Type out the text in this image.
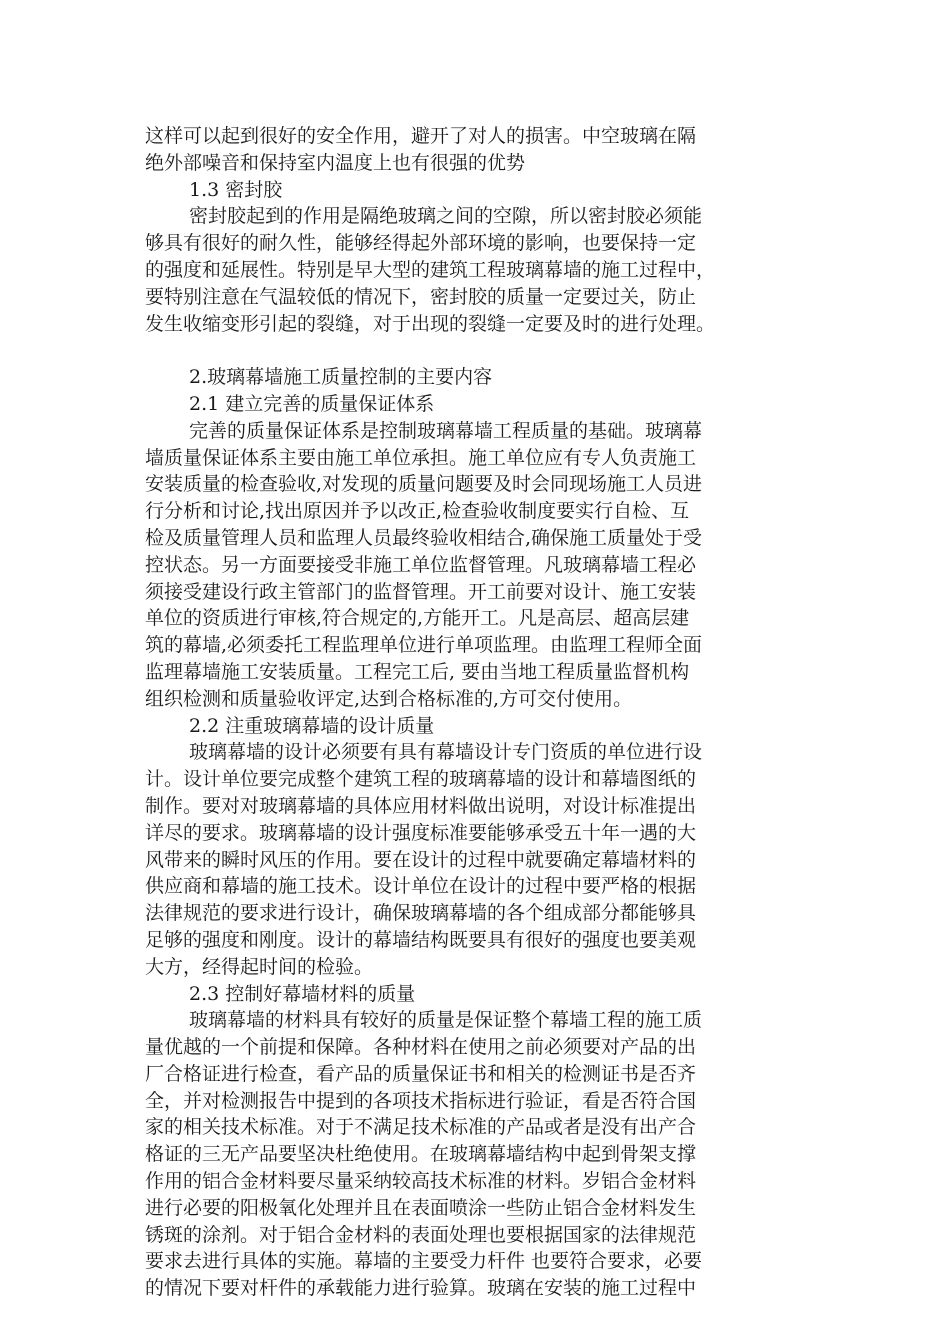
这样可以起到很好的安全作用，避开了对人的损害。中空玻璃在隔
绝外部噪音和保持室内温度上也有很强的优势
1.3 密封胶
密封胶起到的作用是隔绝玻璃之间的空隙，所以密封胶必须能
够具有很好的耐久性，能够经得起外部环境的影响，也要保持一定
的强度和延展性。特别是早大型的建筑工程玻璃幕墙的施工过程中，
要特别注意在气温较低的情况下，密封胶的质量一定要过关，防止
发生收缩变形引起的裂缝，对于出现的裂缝一定要及时的进行处理。
2.玻璃幕墙施工质量控制的主要内容
2.1 建立完善的质量保证体系
完善的质量保证体系是控制玻璃幕墙工程质量的基础。玻璃幕
墙质量保证体系主要由施工单位承担。施工单位应有专人负责施工
安装质量的检查验收,对发现的质量问题要及时会同现场施工人员进
行分析和讨论,找出原因并予以改正,检查验收制度要实行自检、互
检及质量管理人员和监理人员最终验收相结合,确保施工质量处于受
控状态。另一方面要接受非施工单位监督管理。凡玻璃幕墙工程必
须接受建设行政主管部门的监督管理。开工前要对设计、施工安装
单位的资质进行审核,符合规定的,方能开工。凡是高层、超高层建
筑的幕墙,必须委托工程监理单位进行单项监理。由监理工程师全面
监理幕墙施工安装质量。工程完工后, 要由当地工程质量监督机构
组织检测和质量验收评定,达到合格标准的,方可交付使用。
2.2 注重玻璃幕墙的设计质量
玻璃幕墙的设计必须要有具有幕墙设计专门资质的单位进行设
计。设计单位要完成整个建筑工程的玻璃幕墙的设计和幕墙图纸的
制作。要对对玻璃幕墙的具体应用材料做出说明，对设计标准提出
详尽的要求。玻璃幕墙的设计强度标准要能够承受五十年一遇的大
风带来的瞬时风压的作用。要在设计的过程中就要确定幕墙材料的
供应商和幕墙的施工技术。设计单位在设计的过程中要严格的根据
法律规范的要求进行设计，确保玻璃幕墙的各个组成部分都能够具
足够的强度和刚度。设计的幕墙结构既要具有很好的强度也要美观
大方，经得起时间的检验。
2.3 控制好幕墙材料的质量
玻璃幕墙的材料具有较好的质量是保证整个幕墙工程的施工质
量优越的一个前提和保障。各种材料在使用之前必须要对产品的出
厂合格证进行检查，看产品的质量保证书和相关的检测证书是否齐
全，并对检测报告中提到的各项技术指标进行验证，看是否符合国
家的相关技术标准。对于不满足技术标准的产品或者是没有出产合
格证的三无产品要坚决杜绝使用。在玻璃幕墙结构中起到骨架支撑
作用的铝合金材料要尽量采纳较高技术标准的材料。岁铝合金材料
进行必要的阳极氧化处理并且在表面喷涂一些防止铝合金材料发生
锈斑的涂剂。对于铝合金材料的表面处理也要根据国家的法律规范
要求去进行具体的实施。幕墙的主要受力杆件 也要符合要求，必要
的情况下要对杆件的承载能力进行验算。玻璃在安装的施工过程中
